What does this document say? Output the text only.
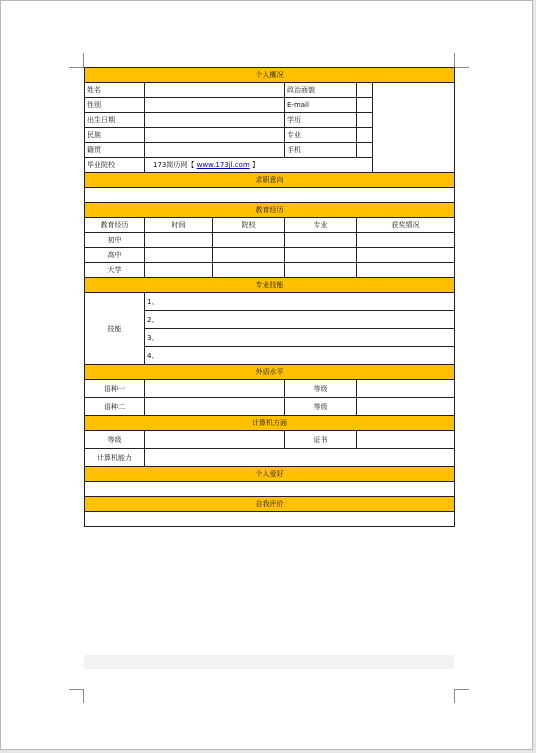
个人概况					
姓名			政治面貌		
性别			E-mail		
出生日期			学历		
民族			专业		
籍贯			手机		
毕业院校	173简历网【 www.173jl.com 】				
求职意向					

教育经历					
教育经历	时间	院校	专业	获奖情况	
初中					
高中					
大学					
专业技能					
技能	1、				
	2、				
	3、				
	4、				
外语水平					
语种一			等级		
语种二			等级		
计算机方面					
等级			证书		
计算机能力					
个人爱好					

自我评价					
